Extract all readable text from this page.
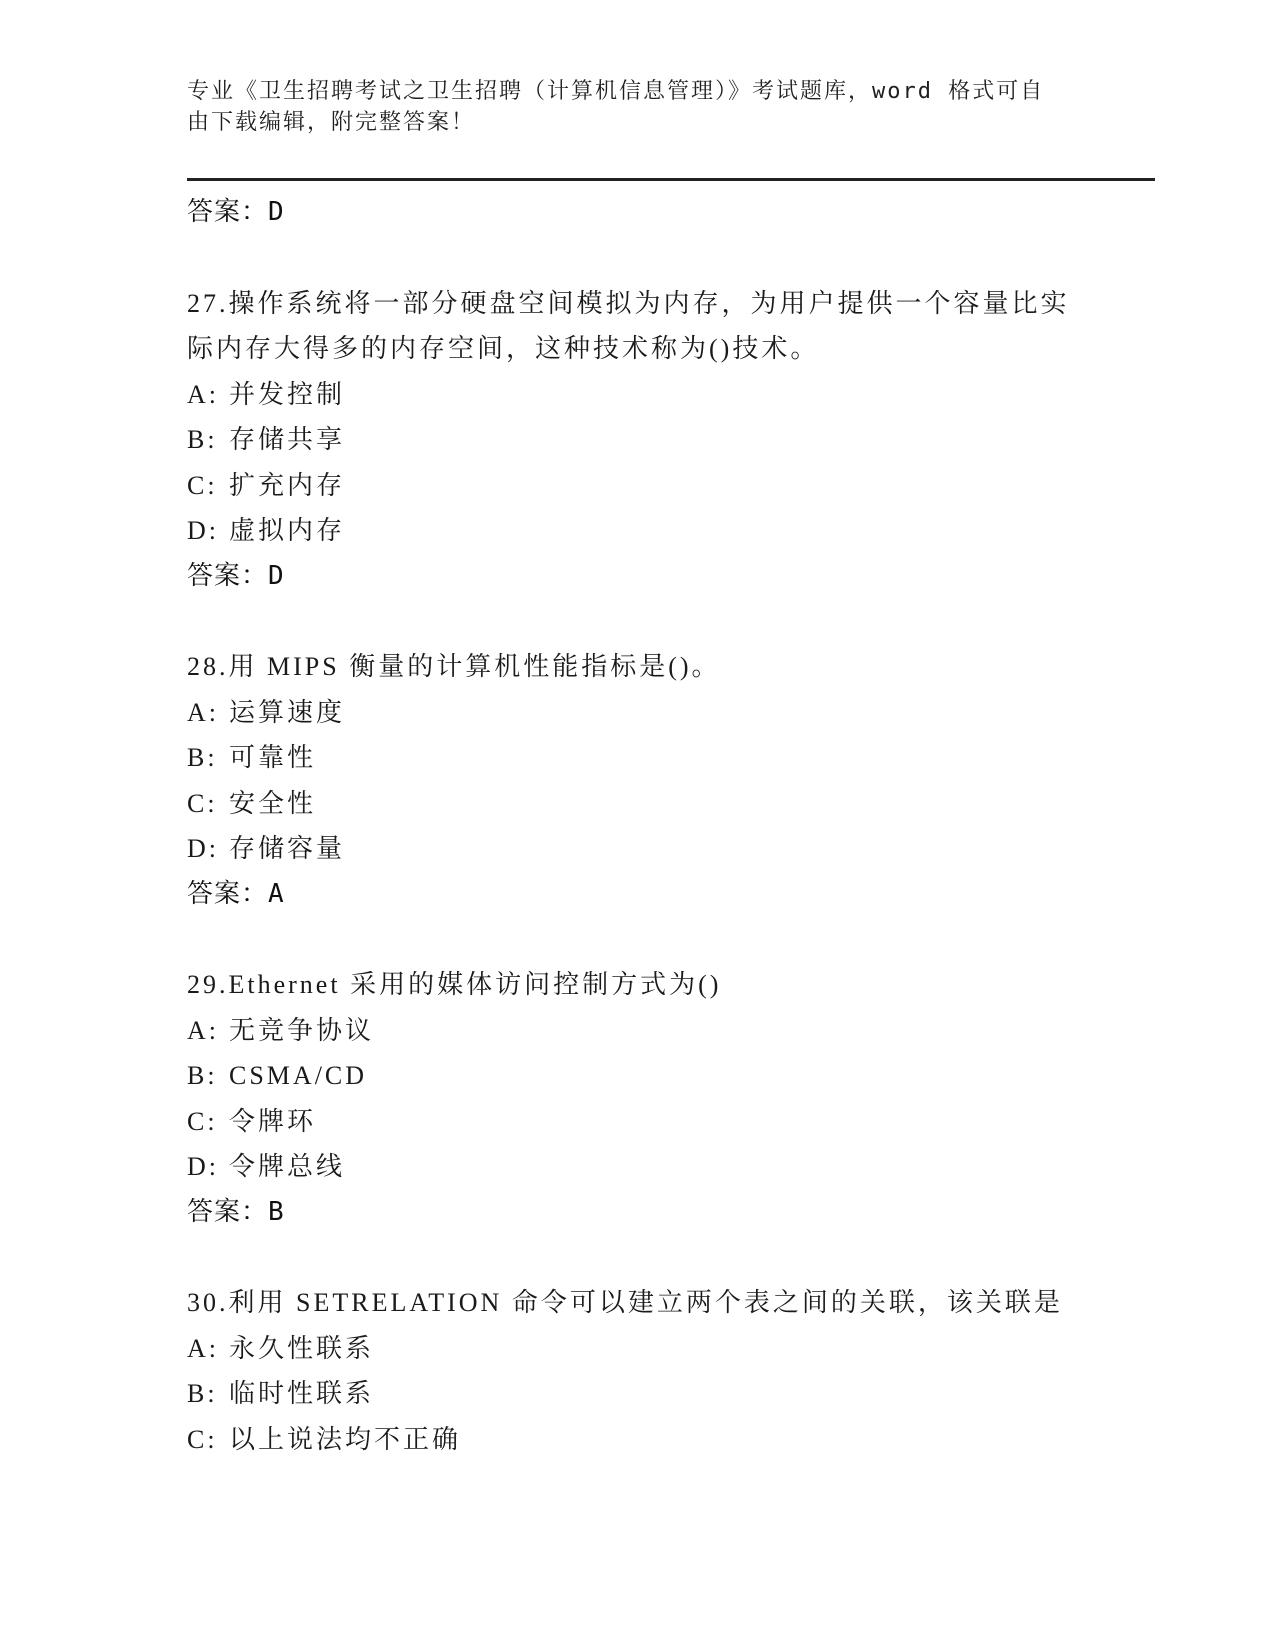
专业《卫生招聘考试之卫生招聘（计算机信息管理）》考试题库，word 格式可自
由下载编辑，附完整答案！
答案：D
27.操作系统将一部分硬盘空间模拟为内存，为用户提供一个容量比实
际内存大得多的内存空间，这种技术称为()技术。
A: 并发控制
B: 存储共享
C: 扩充内存
D: 虚拟内存
答案：D
28.用 MIPS 衡量的计算机性能指标是()。
A: 运算速度
B: 可靠性
C: 安全性
D: 存储容量
答案：A
29.Ethernet 采用的媒体访问控制方式为()
A: 无竞争协议
B: CSMA/CD
C: 令牌环
D: 令牌总线
答案：B
30.利用 SETRELATION 命令可以建立两个表之间的关联，该关联是
A: 永久性联系
B: 临时性联系
C: 以上说法均不正确
